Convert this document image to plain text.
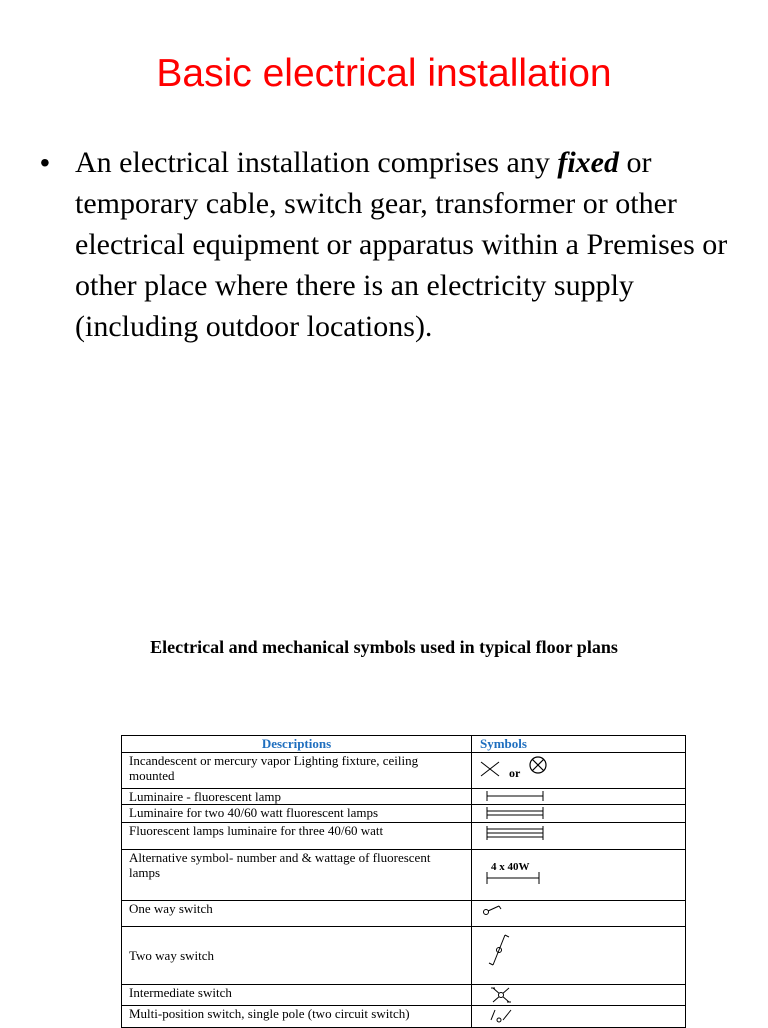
Basic electrical installation
• An electrical installation comprises any fixed or temporary cable, switch gear, transformer or other electrical equipment or apparatus within a Premises or other place where there is an electricity supply (including outdoor locations).
Electrical and mechanical symbols used in typical floor plans
Descriptions	Symbols
Incandescent or mercury vapor Lighting fixture, ceiling mounted	or

Luminaire - fluorescent lamp	

Luminaire for two 40/60 watt fluorescent lamps	

Fluorescent lamps luminaire for three 40/60 watt	

Alternative symbol- number and & wattage of fluorescent lamps	4 x 40W

One way switch	

Two way switch	

Intermediate switch	

Multi-position switch, single pole (two circuit switch)	
